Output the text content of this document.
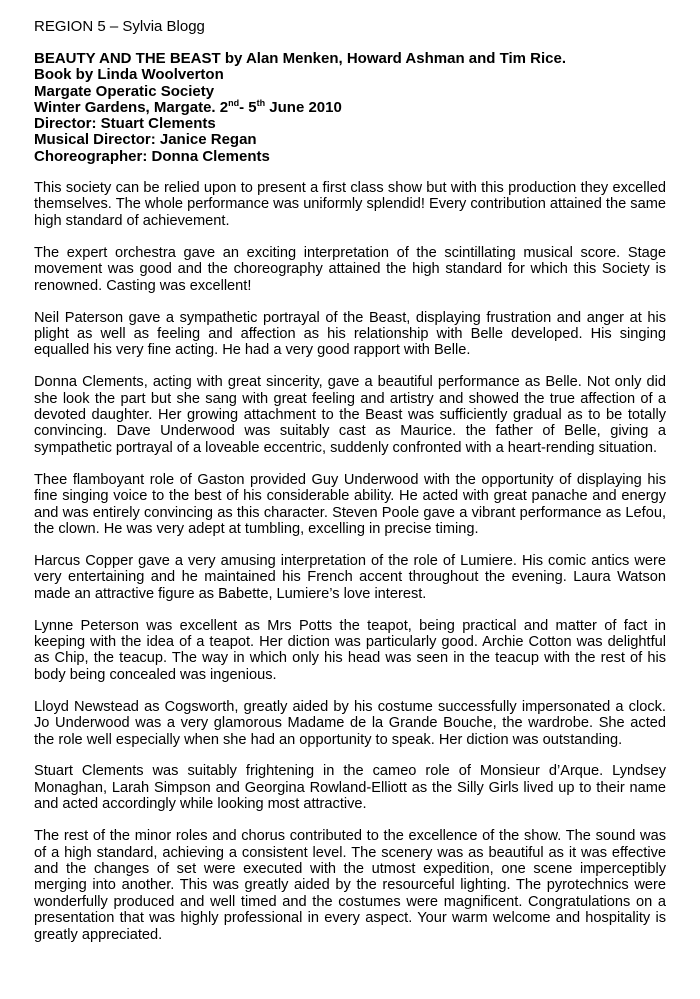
REGION 5 – Sylvia Blogg

BEAUTY AND THE BEAST by Alan Menken, Howard Ashman and Tim Rice.
Book by Linda Woolverton
Margate Operatic Society
Winter Gardens, Margate. 2nd- 5th June 2010
Director: Stuart Clements
Musical Director: Janice Regan
Choreographer: Donna Clements

This society can be relied upon to present a first class show but with this production they excelled themselves. The whole performance was uniformly splendid! Every contribution attained the same high standard of achievement.

The expert orchestra gave an exciting interpretation of the scintillating musical score. Stage movement was good and the choreography attained the high standard for which this Society is renowned. Casting was excellent!

Neil Paterson gave a sympathetic portrayal of the Beast, displaying frustration and anger at his plight as well as feeling and affection as his relationship with Belle developed. His singing equalled his very fine acting. He had a very good rapport with Belle.

Donna Clements, acting with great sincerity, gave a beautiful performance as Belle. Not only did she look the part but she sang with great feeling and artistry and showed the true affection of a devoted daughter. Her growing attachment to the Beast was sufficiently gradual as to be totally convincing. Dave Underwood was suitably cast as Maurice. the father of Belle, giving a sympathetic portrayal of a loveable eccentric, suddenly confronted with a heart-rending situation.

Thee flamboyant role of Gaston provided Guy Underwood with the opportunity of displaying his fine singing voice to the best of his considerable ability. He acted with great panache and energy and was entirely convincing as this character. Steven Poole gave a vibrant performance as Lefou, the clown. He was very adept at tumbling, excelling in precise timing.

Harcus Copper gave a very amusing interpretation of the role of Lumiere. His comic antics were very entertaining and he maintained his French accent throughout the evening. Laura Watson made an attractive figure as Babette, Lumiere’s love interest.

Lynne Peterson was excellent as Mrs Potts the teapot, being practical and matter of fact in keeping with the idea of a teapot. Her diction was particularly good. Archie Cotton was delightful as Chip, the teacup. The way in which only his head was seen in the teacup with the rest of his body being concealed was ingenious.

Lloyd Newstead as Cogsworth, greatly aided by his costume successfully impersonated a clock. Jo Underwood was a very glamorous Madame de la Grande Bouche, the wardrobe. She acted the role well especially when she had an opportunity to speak. Her diction was outstanding.

Stuart Clements was suitably frightening in the cameo role of Monsieur d’Arque. Lyndsey Monaghan, Larah Simpson and Georgina Rowland-Elliott as the Silly Girls lived up to their name and acted accordingly while looking most attractive.

The rest of the minor roles and chorus contributed to the excellence of the show. The sound was of a high standard, achieving a consistent level. The scenery was as beautiful as it was effective and the changes of set were executed with the utmost expedition, one scene imperceptibly merging into another. This was greatly aided by the resourceful lighting. The pyrotechnics were wonderfully produced and well timed and the costumes were magnificent. Congratulations on a presentation that was highly professional in every aspect. Your warm welcome and hospitality is greatly appreciated.
